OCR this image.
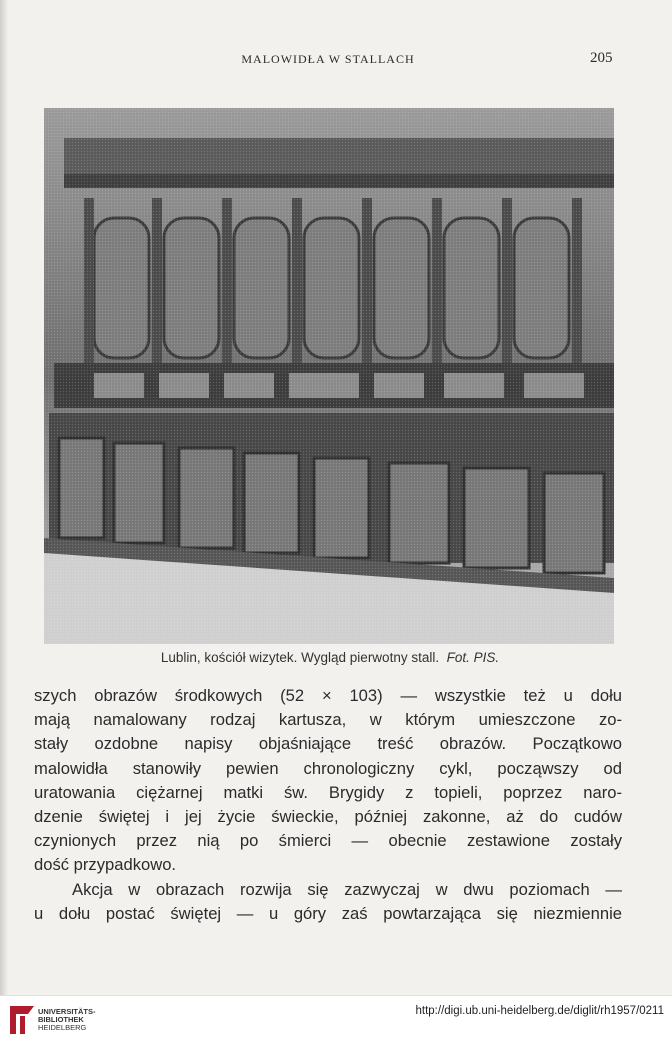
MALOWIDŁA W STALLACH	205
Lublin, kościół wizytek. Wygląd pierwotny stall. Fot. PIS.
szych obrazów środkowych (52 × 103) — wszystkie też u dołu
mają namalowany rodzaj kartusza, w którym umieszczone zo-
stały ozdobne napisy objaśniające treść obrazów. Początkowo
malowidła stanowiły pewien chronologiczny cykl, począwszy od
uratowania ciężarnej matki św. Brygidy z topieli, poprzez naro-
dzenie świętej i jej życie świeckie, później zakonne, aż do cudów
czynionych przez nią po śmierci — obecnie zestawione zostały
dość przypadkowo.
Akcja w obrazach rozwija się zazwyczaj w dwu poziomach —
u dołu postać świętej — u góry zaś powtarzająca się niezmiennie
UNIVERSITÄTS-
BIBLIOTHEK
HEIDELBERG
http://digi.ub.uni-heidelberg.de/diglit/rh1957/0211
